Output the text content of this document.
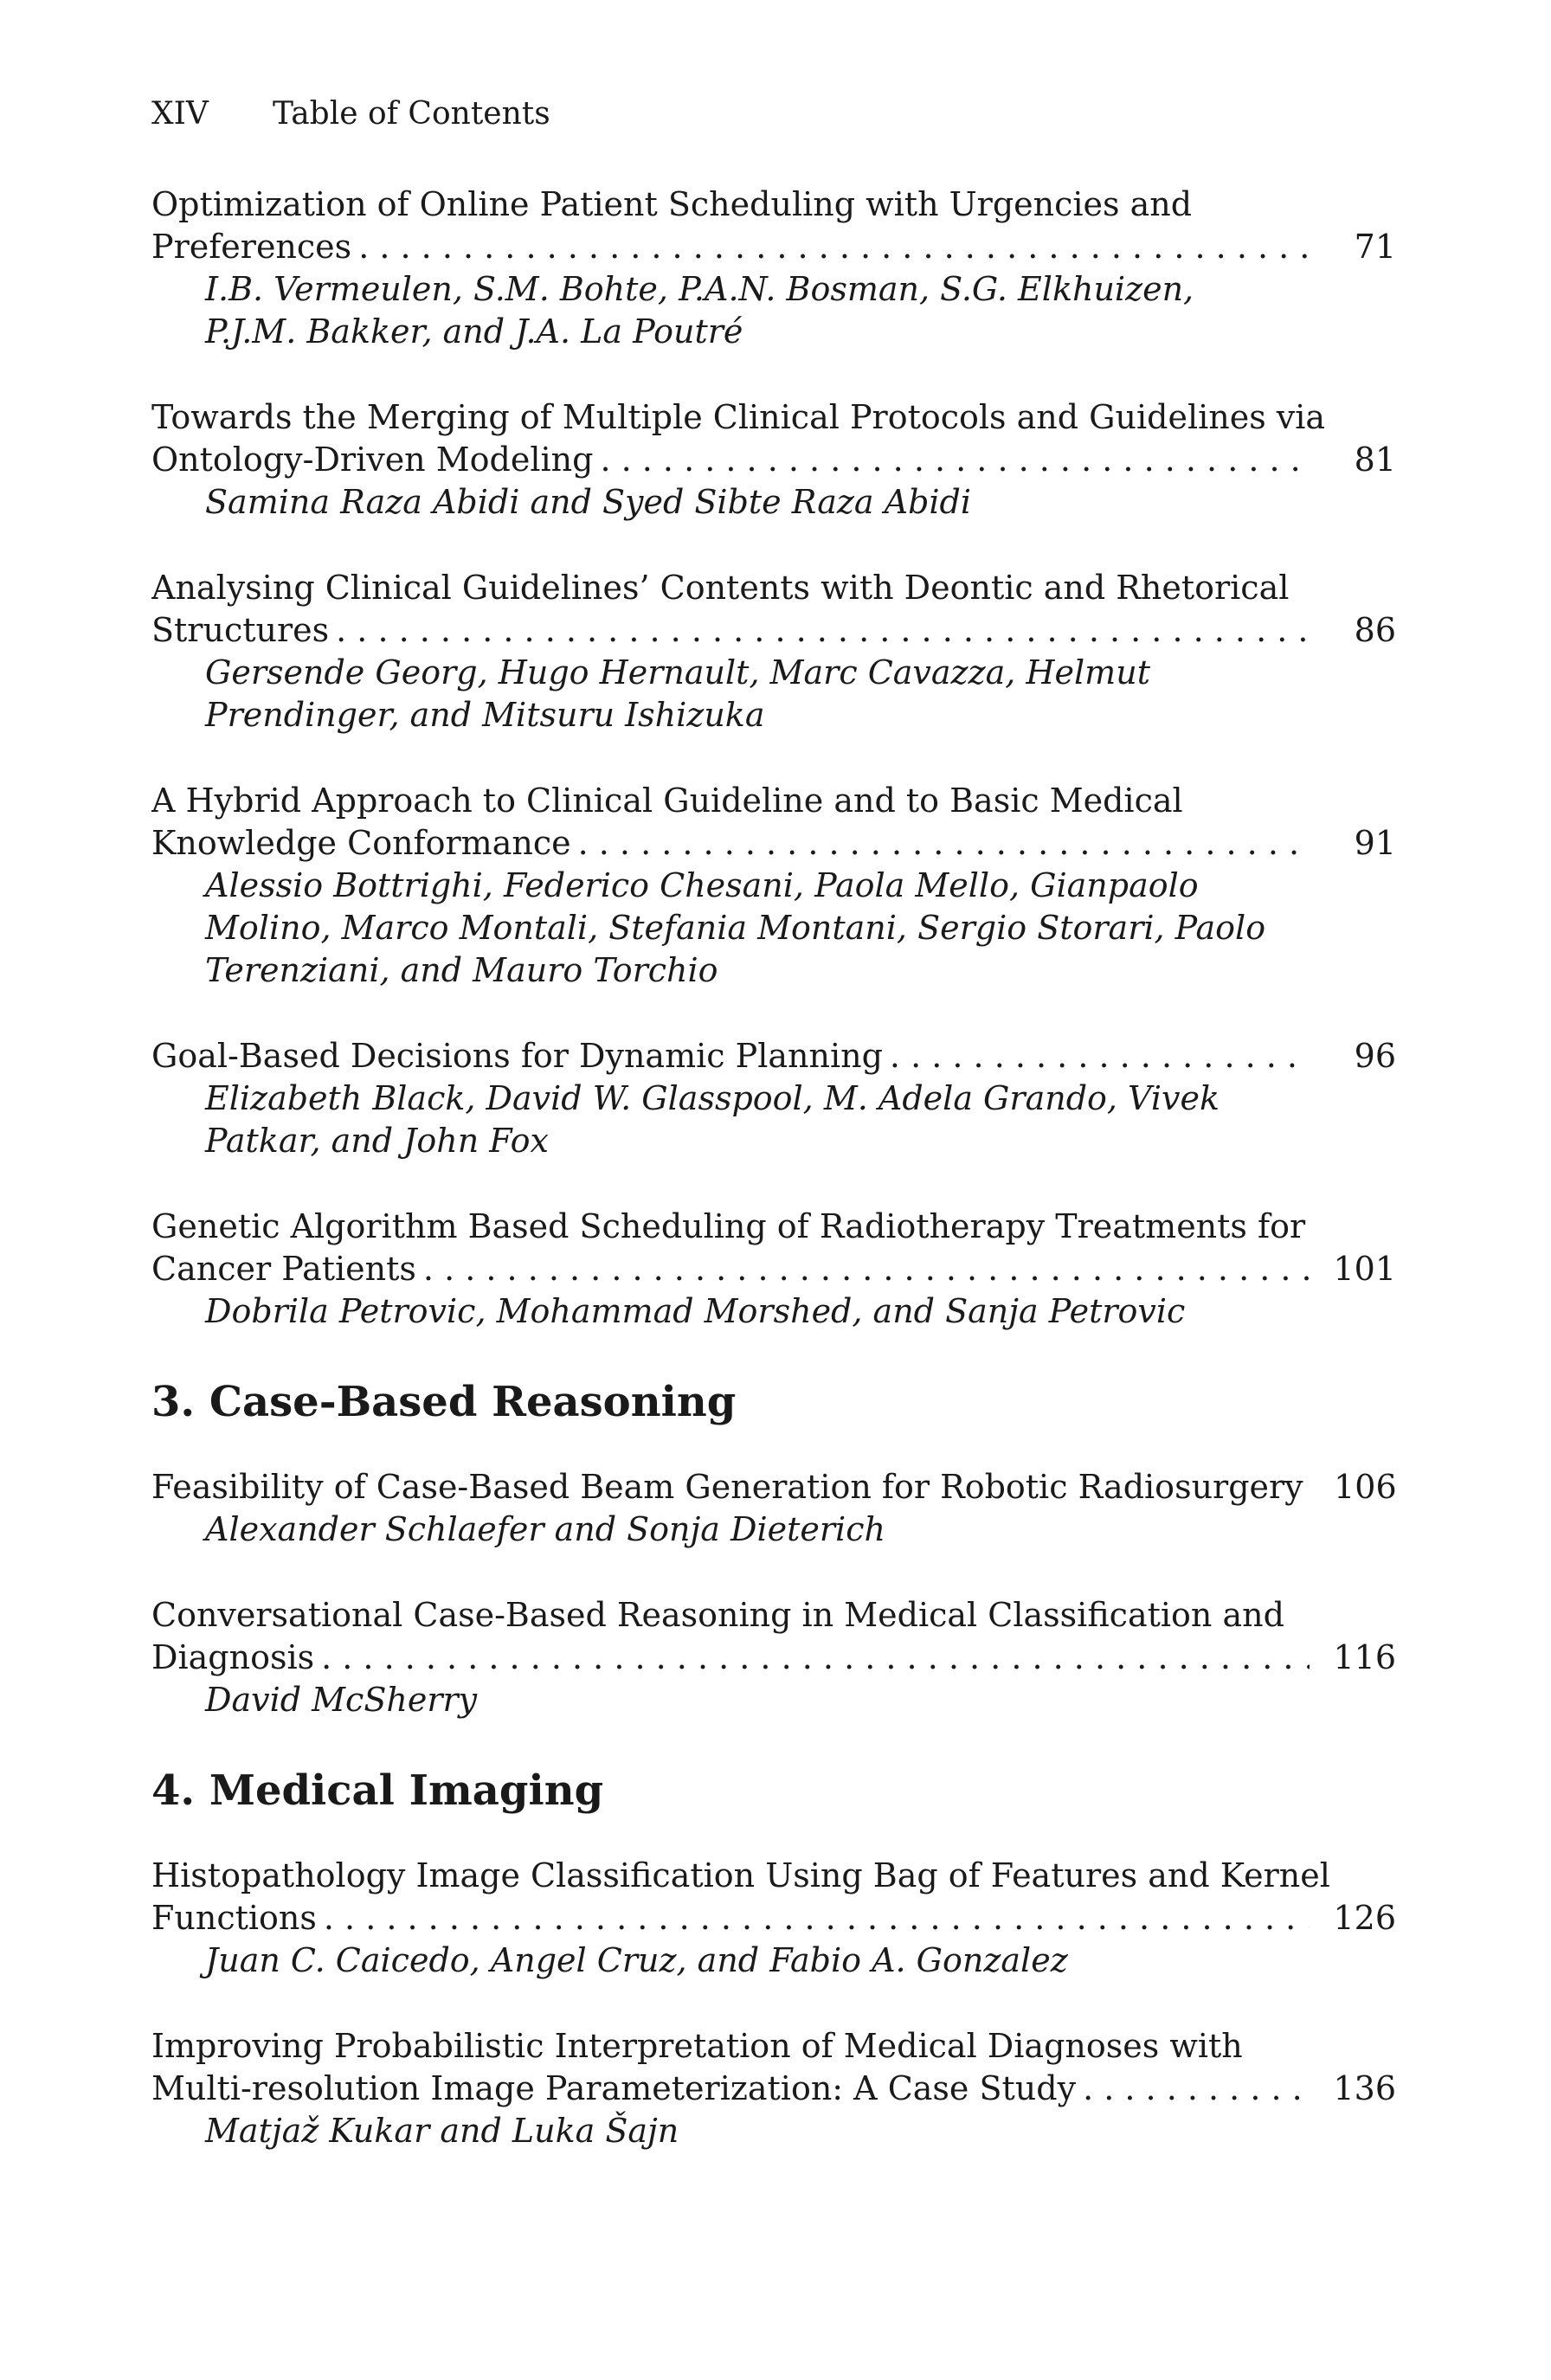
XIV Table of Contents
Optimization of Online Patient Scheduling with Urgencies and
Preferences . . .	71
I.B. Vermeulen, S.M. Bohte, P.A.N. Bosman, S.G. Elkhuizen, P.J.M. Bakker, and J.A. La Poutré
Towards the Merging of Multiple Clinical Protocols and Guidelines via
Ontology-Driven Modeling . . .	81
Samina Raza Abidi and Syed Sibte Raza Abidi
Analysing Clinical Guidelines’ Contents with Deontic and Rhetorical
Structures . . .	86
Gersende Georg, Hugo Hernault, Marc Cavazza, Helmut Prendinger, and Mitsuru Ishizuka
A Hybrid Approach to Clinical Guideline and to Basic Medical
Knowledge Conformance . . .	91
Alessio Bottrighi, Federico Chesani, Paola Mello, Gianpaolo Molino, Marco Montali, Stefania Montani, Sergio Storari, Paolo Terenziani, and Mauro Torchio
Goal-Based Decisions for Dynamic Planning . . .	96
Elizabeth Black, David W. Glasspool, M. Adela Grando, Vivek Patkar, and John Fox
Genetic Algorithm Based Scheduling of Radiotherapy Treatments for
Cancer Patients . . .	101
Dobrila Petrovic, Mohammad Morshed, and Sanja Petrovic
3. Case-Based Reasoning
Feasibility of Case-Based Beam Generation for Robotic Radiosurgery 106
Alexander Schlaefer and Sonja Dieterich
Conversational Case-Based Reasoning in Medical Classification and
Diagnosis . . .	116
David McSherry
4. Medical Imaging
Histopathology Image Classification Using Bag of Features and Kernel
Functions . . .	126
Juan C. Caicedo, Angel Cruz, and Fabio A. Gonzalez
Improving Probabilistic Interpretation of Medical Diagnoses with
Multi-resolution Image Parameterization: A Case Study . . .	136
Matjaž Kukar and Luka Šajn
